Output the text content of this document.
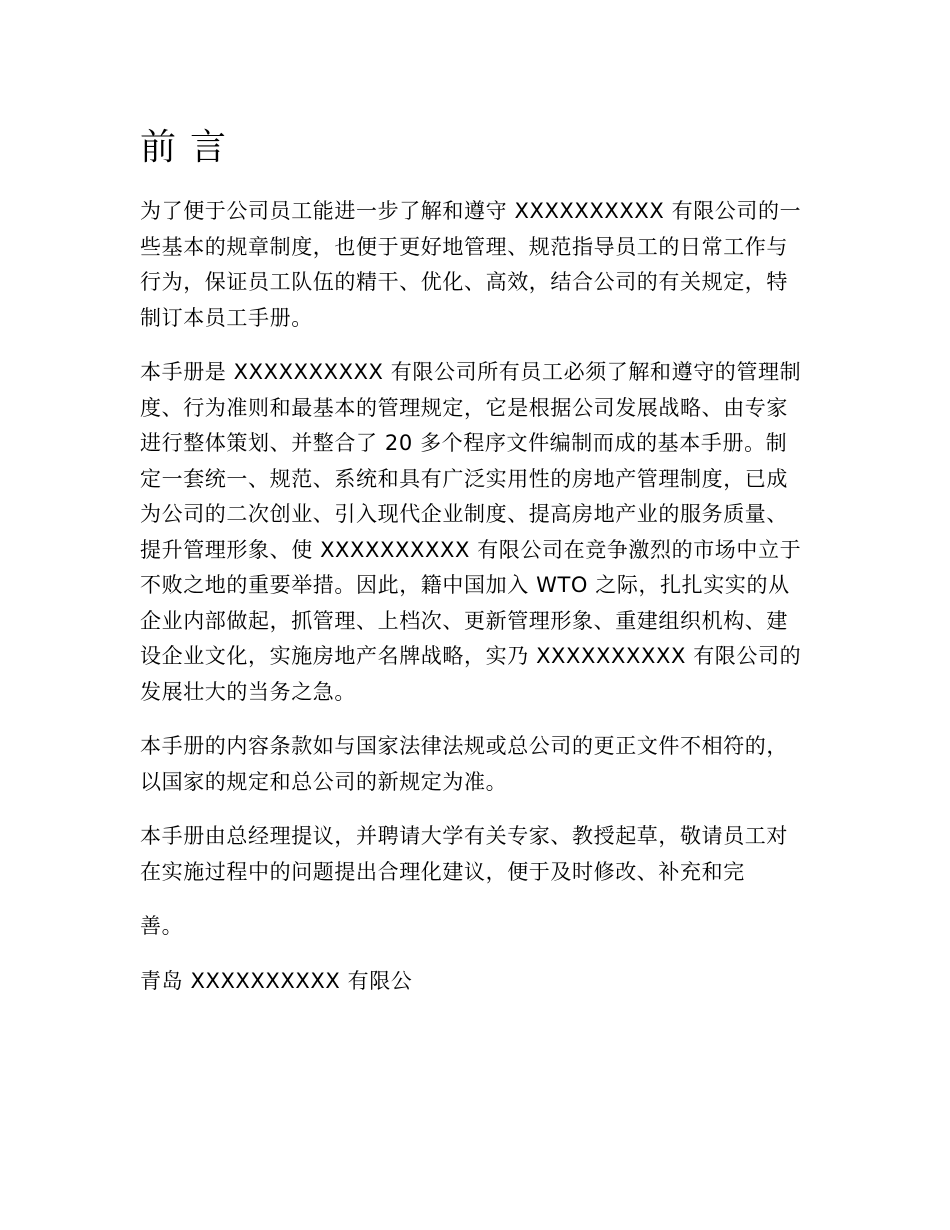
前言

为了便于公司员工能进一步了解和遵守 XXXXXXXXXX 有限公司的一些基本的规章制度，也便于更好地管理、规范指导员工的日常工作与行为，保证员工队伍的精干、优化、高效，结合公司的有关规定，特制订本员工手册。

本手册是 XXXXXXXXXX 有限公司所有员工必须了解和遵守的管理制度、行为准则和最基本的管理规定，它是根据公司发展战略、由专家进行整体策划、并整合了 20 多个程序文件编制而成的基本手册。制定一套统一、规范、系统和具有广泛实用性的房地产管理制度，已成为公司的二次创业、引入现代企业制度、提高房地产业的服务质量、提升管理形象、使 XXXXXXXXXX 有限公司在竞争激烈的市场中立于不败之地的重要举措。因此，籍中国加入 WTO 之际，扎扎实实的从企业内部做起，抓管理、上档次、更新管理形象、重建组织机构、建设企业文化，实施房地产名牌战略，实乃 XXXXXXXXXX 有限公司的发展壮大的当务之急。

本手册的内容条款如与国家法律法规或总公司的更正文件不相符的，以国家的规定和总公司的新规定为准。

本手册由总经理提议，并聘请大学有关专家、教授起草，敬请员工对在实施过程中的问题提出合理化建议，便于及时修改、补充和完

善。

青岛 XXXXXXXXXX 有限公
